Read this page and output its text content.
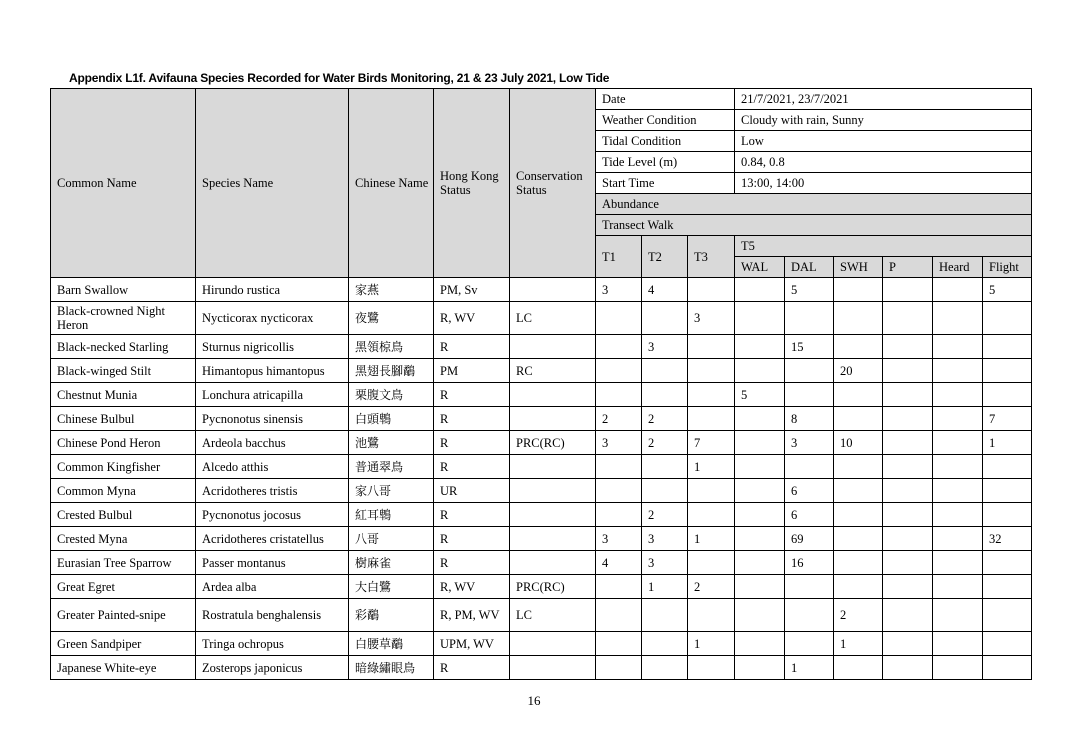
Appendix L1f. Avifauna Species Recorded for Water Birds Monitoring, 21 & 23 July 2021, Low Tide
Common Name	Species Name	Chinese Name	Hong Kong Status	Conservation Status	Date			21/7/2021, 23/7/2021					
					Weather Condition			Cloudy with rain, Sunny					
					Tidal Condition			Low					
					Tide Level (m)			0.84, 0.8					
					Start Time			13:00, 14:00					
					Abundance								
					Transect Walk								
					T1	T2	T3	T5					
								WAL	DAL	SWH	P	Heard	Flight
Barn Swallow	Hirundo rustica	家燕	PM, Sv		3	4			5				5
Black-crowned Night Heron	Nycticorax nycticorax	夜鷺	R, WV	LC			3						
Black-necked Starling	Sturnus nigricollis	黑領椋鳥	R			3			15				
Black-winged Stilt	Himantopus himantopus	黑翅長腳鷸	PM	RC						20			
Chestnut Munia	Lonchura atricapilla	栗腹文鳥	R					5					
Chinese Bulbul	Pycnonotus sinensis	白頭鵯	R		2	2			8				7
Chinese Pond Heron	Ardeola bacchus	池鷺	R	PRC(RC)	3	2	7		3	10			1
Common Kingfisher	Alcedo atthis	普通翠鳥	R				1						
Common Myna	Acridotheres tristis	家八哥	UR						6				
Crested Bulbul	Pycnonotus jocosus	紅耳鵯	R			2			6				
Crested Myna	Acridotheres cristatellus	八哥	R		3	3	1		69				32
Eurasian Tree Sparrow	Passer montanus	樹麻雀	R		4	3			16				
Great Egret	Ardea alba	大白鷺	R, WV	PRC(RC)		1	2						
Greater Painted-snipe	Rostratula benghalensis	彩鷸	R, PM, WV	LC						2			
Green Sandpiper	Tringa ochropus	白腰草鷸	UPM, WV				1			1			
Japanese White-eye	Zosterops japonicus	暗綠繡眼鳥	R						1				
16
